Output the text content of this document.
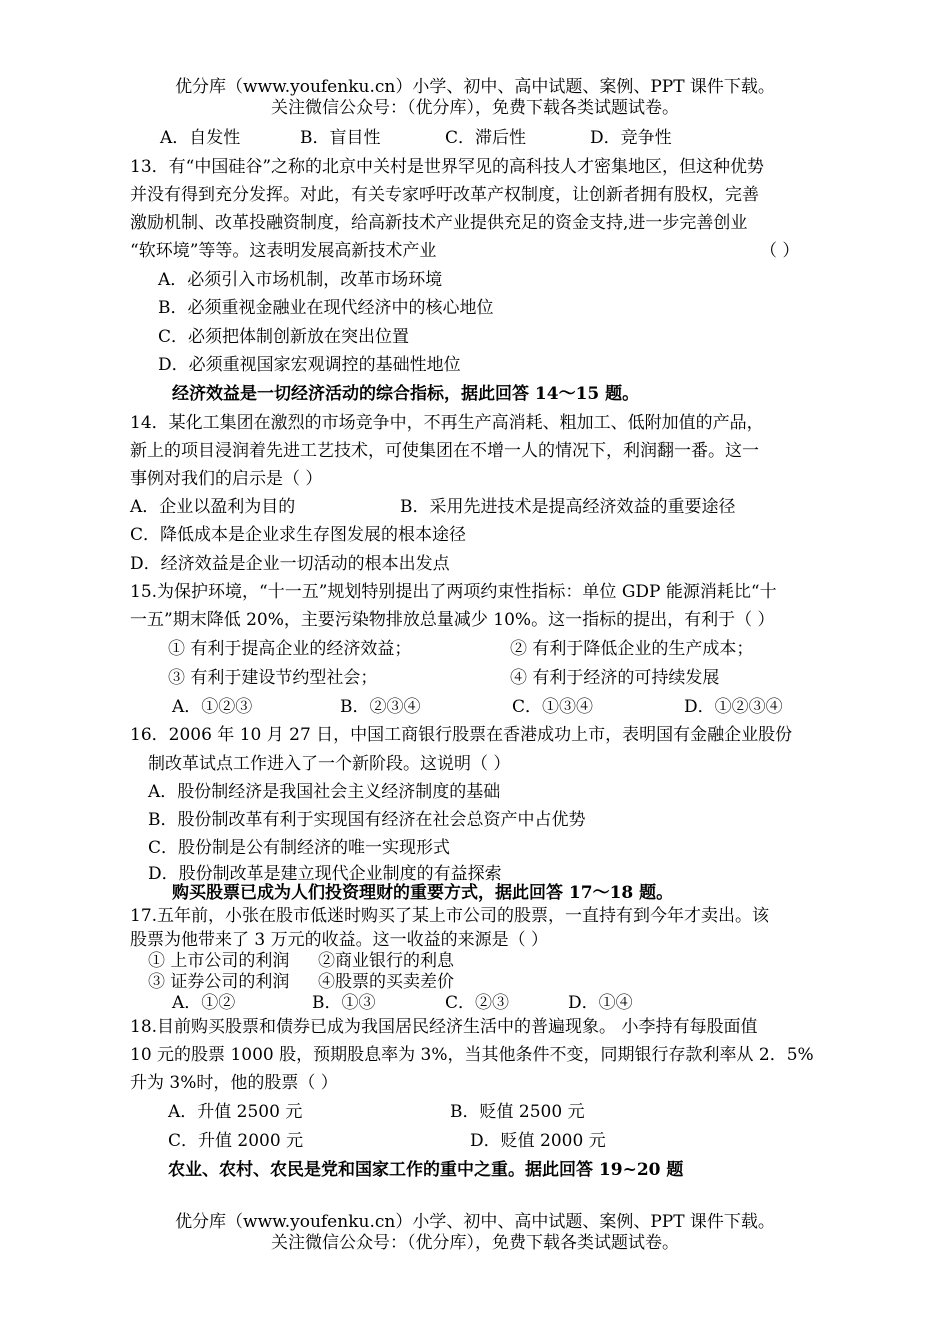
优分库（www.youfenku.cn）小学、初中、高中试题、案例、PPT 课件下载。
关注微信公众号：（优分库），免费下载各类试题试卷。
A．自发性	B．盲目性	C．滞后性	D．竞争性
13．有“中国硅谷”之称的北京中关村是世界罕见的高科技人才密集地区，但这种优势
并没有得到充分发挥。对此，有关专家呼吁改革产权制度，让创新者拥有股权，完善
激励机制、改革投融资制度，给高新技术产业提供充足的资金支持,进一步完善创业
“软环境”等等。这表明发展高新技术产业	（ ）
A．必须引入市场机制，改革市场环境
B．必须重视金融业在现代经济中的核心地位
C．必须把体制创新放在突出位置
D．必须重视国家宏观调控的基础性地位
经济效益是一切经济活动的综合指标，据此回答 14～15 题。
14．某化工集团在激烈的市场竞争中，不再生产高消耗、粗加工、低附加值的产品，
新上的项目浸润着先进工艺技术，可使集团在不增一人的情况下，利润翻一番。这一
事例对我们的启示是（ ）
A．企业以盈利为目的	B．采用先进技术是提高经济效益的重要途径
C．降低成本是企业求生存图发展的根本途径
D．经济效益是企业一切活动的根本出发点
15.为保护环境，“十一五”规划特别提出了两项约束性指标：单位 GDP 能源消耗比“十
一五”期末降低 20%，主要污染物排放总量减少 10%。这一指标的提出，有利于（ ）
① 有利于提高企业的经济效益；	② 有利于降低企业的生产成本；
③ 有利于建设节约型社会；	④ 有利于经济的可持续发展
A．①②③	B．②③④	C．①③④	D．①②③④
16．2006 年 10 月 27 日，中国工商银行股票在香港成功上市，表明国有金融企业股份
制改革试点工作进入了一个新阶段。这说明（ ）
A．股份制经济是我国社会主义经济制度的基础
B．股份制改革有利于实现国有经济在社会总资产中占优势
C．股份制是公有制经济的唯一实现形式
D．股份制改革是建立现代企业制度的有益探索
购买股票已成为人们投资理财的重要方式，据此回答 17～18 题。
17.五年前，小张在股市低迷时购买了某上市公司的股票，一直持有到今年才卖出。该
股票为他带来了 3 万元的收益。这一收益的来源是（ ）
① 上市公司的利润 ②商业银行的利息
③ 证券公司的利润 ④股票的买卖差价
A．①②	B．①③	C．②③	D．①④
18.目前购买股票和债券已成为我国居民经济生活中的普遍现象。 小李持有每股面值
10 元的股票 1000 股，预期股息率为 3%，当其他条件不变，同期银行存款利率从 2．5%
升为 3%时，他的股票（ ）
A．升值 2500 元	B．贬值 2500 元
C．升值 2000 元	D．贬值 2000 元
农业、农村、农民是党和国家工作的重中之重。据此回答 19~20 题
优分库（www.youfenku.cn）小学、初中、高中试题、案例、PPT 课件下载。
关注微信公众号：（优分库），免费下载各类试题试卷。
